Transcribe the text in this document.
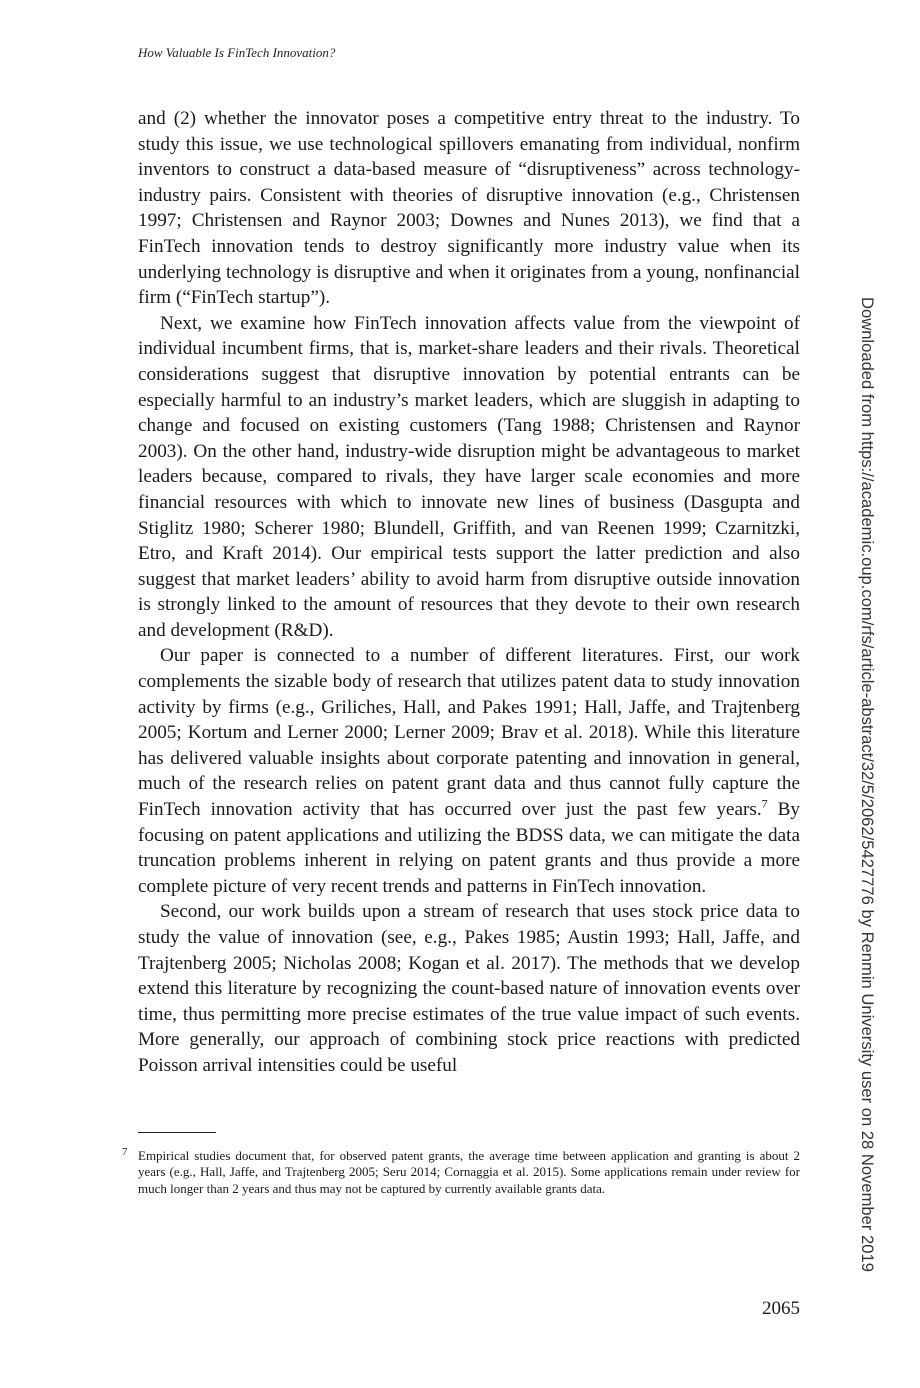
How Valuable Is FinTech Innovation?

and (2) whether the innovator poses a competitive entry threat to the industry. To study this issue, we use technological spillovers emanating from individual, nonfirm inventors to construct a data-based measure of “disruptiveness” across technology-industry pairs. Consistent with theories of disruptive innovation (e.g., Christensen 1997; Christensen and Raynor 2003; Downes and Nunes 2013), we find that a FinTech innovation tends to destroy significantly more industry value when its underlying technology is disruptive and when it originates from a young, nonfinancial firm (“FinTech startup”).

Next, we examine how FinTech innovation affects value from the viewpoint of individual incumbent firms, that is, market-share leaders and their rivals. Theoretical considerations suggest that disruptive innovation by potential entrants can be especially harmful to an industry’s market leaders, which are sluggish in adapting to change and focused on existing customers (Tang 1988; Christensen and Raynor 2003). On the other hand, industry-wide disruption might be advantageous to market leaders because, compared to rivals, they have larger scale economies and more financial resources with which to innovate new lines of business (Dasgupta and Stiglitz 1980; Scherer 1980; Blundell, Griffith, and van Reenen 1999; Czarnitzki, Etro, and Kraft 2014). Our empirical tests support the latter prediction and also suggest that market leaders’ ability to avoid harm from disruptive outside innovation is strongly linked to the amount of resources that they devote to their own research and development (R&D).

Our paper is connected to a number of different literatures. First, our work complements the sizable body of research that utilizes patent data to study innovation activity by firms (e.g., Griliches, Hall, and Pakes 1991; Hall, Jaffe, and Trajtenberg 2005; Kortum and Lerner 2000; Lerner 2009; Brav et al. 2018). While this literature has delivered valuable insights about corporate patenting and innovation in general, much of the research relies on patent grant data and thus cannot fully capture the FinTech innovation activity that has occurred over just the past few years.$^7$ By focusing on patent applications and utilizing the BDSS data, we can mitigate the data truncation problems inherent in relying on patent grants and thus provide a more complete picture of very recent trends and patterns in FinTech innovation.

Second, our work builds upon a stream of research that uses stock price data to study the value of innovation (see, e.g., Pakes 1985; Austin 1993; Hall, Jaffe, and Trajtenberg 2005; Nicholas 2008; Kogan et al. 2017). The methods that we develop extend this literature by recognizing the count-based nature of innovation events over time, thus permitting more precise estimates of the true value impact of such events. More generally, our approach of combining stock price reactions with predicted Poisson arrival intensities could be useful

7 Empirical studies document that, for observed patent grants, the average time between application and granting is about 2 years (e.g., Hall, Jaffe, and Trajtenberg 2005; Seru 2014; Cornaggia et al. 2015). Some applications remain under review for much longer than 2 years and thus may not be captured by currently available grants data.

2065

Downloaded from https://academic.oup.com/rfs/article-abstract/32/5/2062/5427776 by Renmin University user on 28 November 2019
